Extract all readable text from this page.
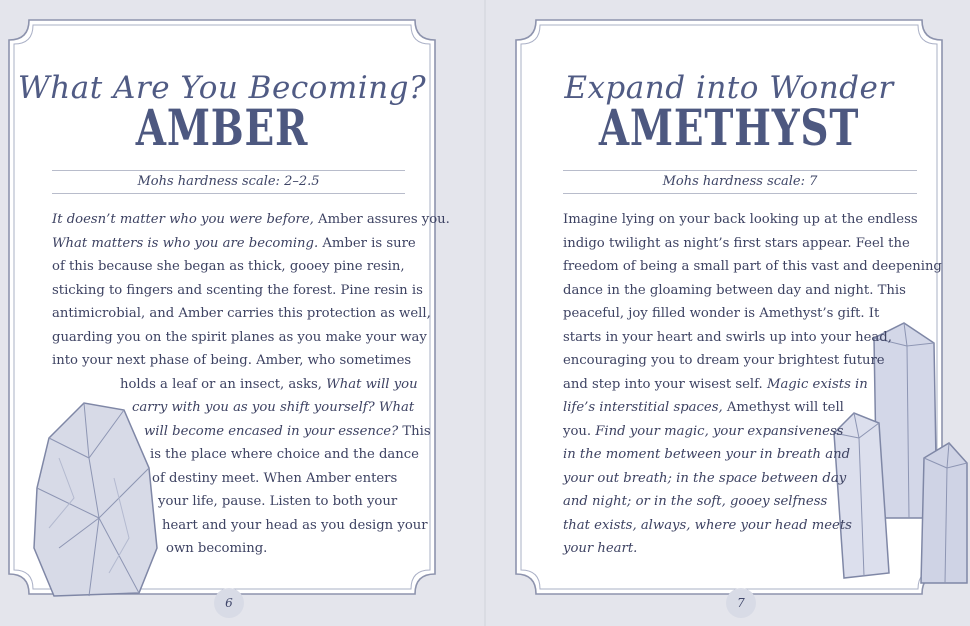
What Are You Becoming?
AMBER
Mohs hardness scale: 2–2.5
It doesn’t matter who you were before, Amber assures you.
What matters is who you are becoming. Amber is sure
of this because she began as thick, gooey pine resin,
sticking to fingers and scenting the forest. Pine resin is
antimicrobial, and Amber carries this protection as well,
guarding you on the spirit planes as you make your way
into your next phase of being. Amber, who sometimes
holds a leaf or an insect, asks, What will you
carry with you as you shift yourself? What
will become encased in your essence? This
is the place where choice and the dance
of destiny meet. When Amber enters
your life, pause. Listen to both your
heart and your head as you design your
own becoming.
6
Expand into Wonder
AMETHYST
Mohs hardness scale: 7
Imagine lying on your back looking up at the endless
indigo twilight as night’s first stars appear. Feel the
freedom of being a small part of this vast and deepening
dance in the gloaming between day and night. This
peaceful, joy filled wonder is Amethyst’s gift. It
starts in your heart and swirls up into your head,
encouraging you to dream your brightest future
and step into your wisest self. Magic exists in
life’s interstitial spaces, Amethyst will tell
you. Find your magic, your expansiveness
in the moment between your in breath and
your out breath; in the space between day
and night; or in the soft, gooey selfness
that exists, always, where your head meets
your heart.
7
